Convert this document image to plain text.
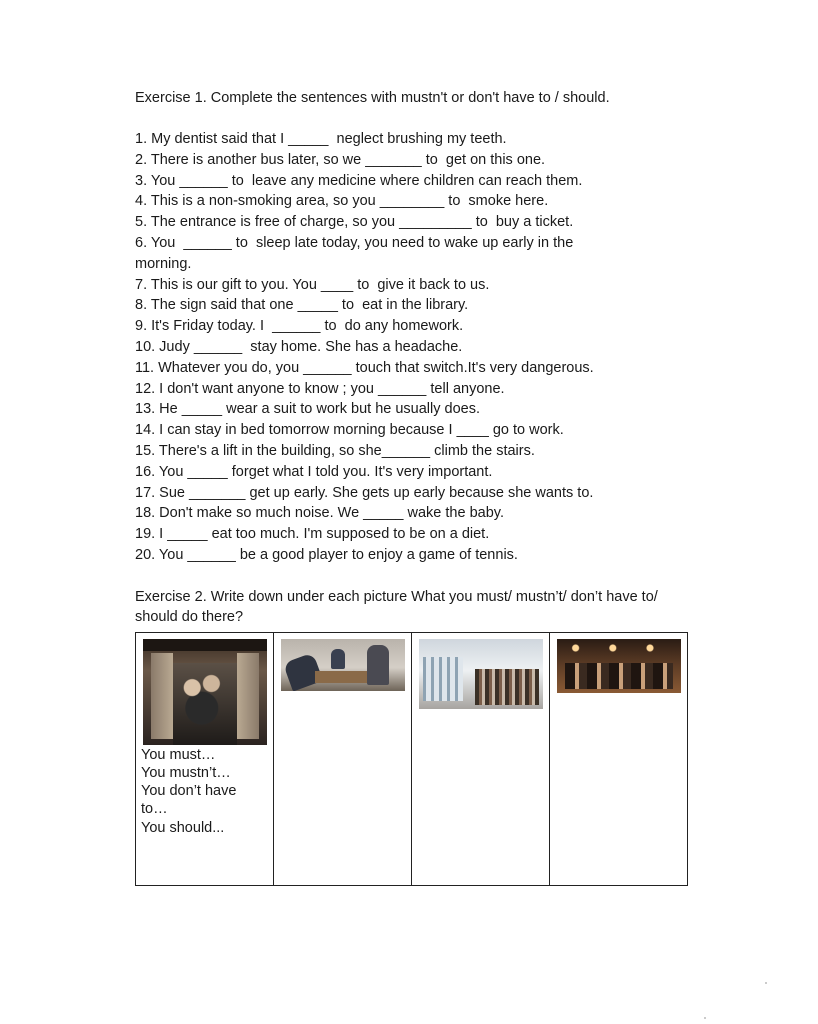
Exercise 1. Complete the sentences with mustn't or don't have to / should.

1. My dentist said that I _____  neglect brushing my teeth.
2. There is another bus later, so we _______ to  get on this one.
3. You ______ to  leave any medicine where children can reach them.
4. This is a non-smoking area, so you ________ to  smoke here.
5. The entrance is free of charge, so you _________ to  buy a ticket.
6. You  ______ to  sleep late today, you need to wake up early in the
morning.
7. This is our gift to you. You ____ to  give it back to us.
8. The sign said that one _____ to  eat in the library.
9. It's Friday today. I  ______ to  do any homework.
10. Judy ______  stay home. She has a headache.
11. Whatever you do, you ______ touch that switch.It's very dangerous.
12. I don't want anyone to know ; you ______ tell anyone.
13. He _____ wear a suit to work but he usually does.
14. I can stay in bed tomorrow morning because I ____ go to work.
15. There's a lift in the building, so she______ climb the stairs.
16. You _____ forget what I told you. It's very important.
17. Sue _______ get up early. She gets up early because she wants to.
18. Don't make so much noise. We _____ wake the baby.
19. I _____ eat too much. I'm supposed to be on a diet.
20. You ______ be a good player to enjoy a game of tennis.
Exercise 2. Write down under each picture What you must/ mustn’t/ don’t have to/ should do there?
You must…
You mustn’t…
You don’t have
to…
You should...
